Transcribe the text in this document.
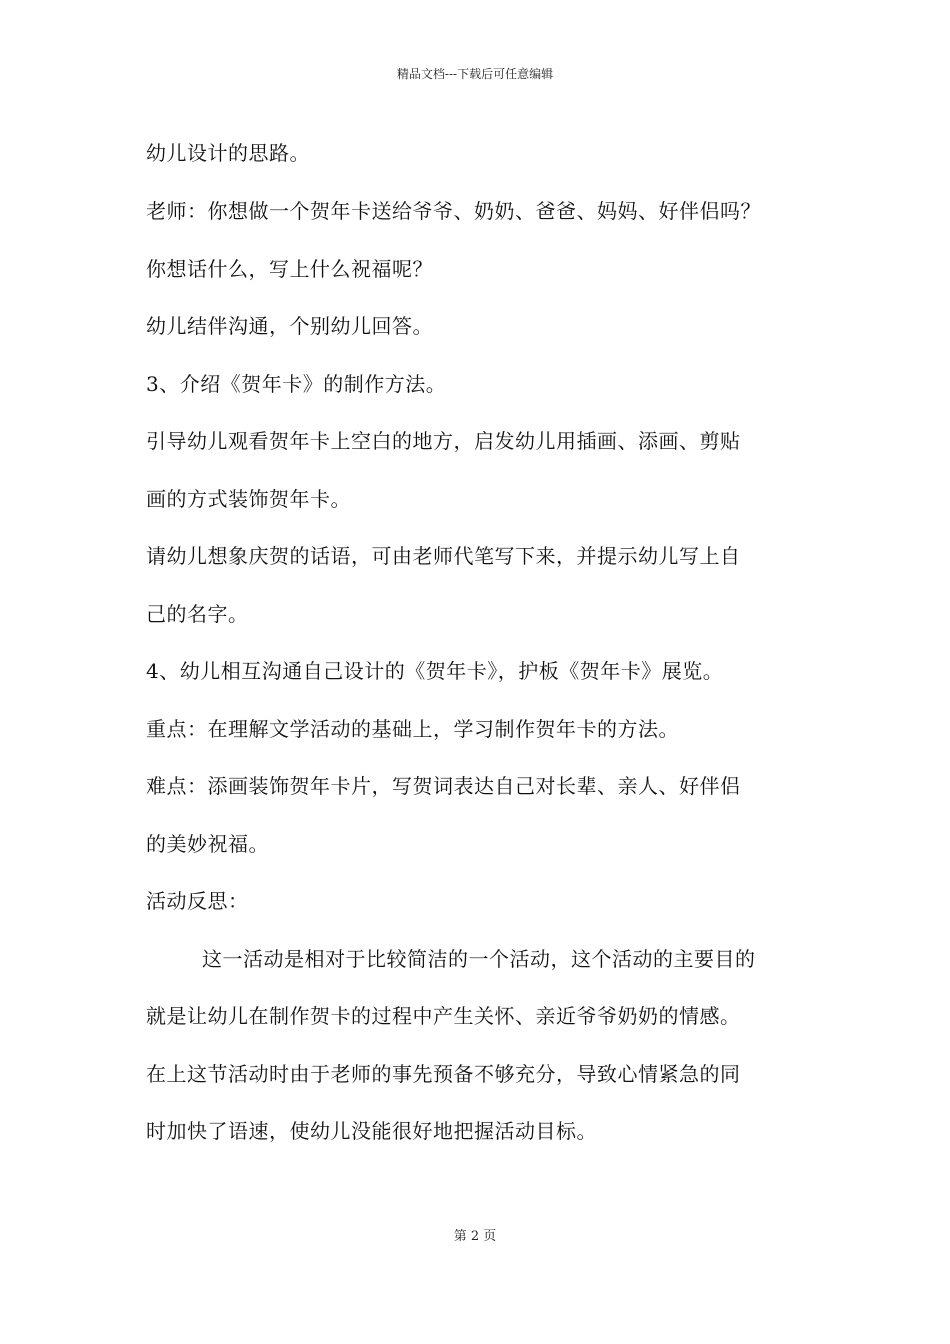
精品文档---下载后可任意编辑
幼儿设计的思路。
老师：你想做一个贺年卡送给爷爷、奶奶、爸爸、妈妈、好伴侣吗？
你想话什么，写上什么祝福呢？
幼儿结伴沟通，个别幼儿回答。
3、介绍《贺年卡》的制作方法。
引导幼儿观看贺年卡上空白的地方，启发幼儿用插画、添画、剪贴
画的方式装饰贺年卡。
请幼儿想象庆贺的话语，可由老师代笔写下来，并提示幼儿写上自
己的名字。
4、幼儿相互沟通自己设计的《贺年卡》，护板《贺年卡》展览。
重点：在理解文学活动的基础上，学习制作贺年卡的方法。
难点：添画装饰贺年卡片，写贺词表达自己对长辈、亲人、好伴侣
的美妙祝福。
活动反思：
这一活动是相对于比较简洁的一个活动，这个活动的主要目的
就是让幼儿在制作贺卡的过程中产生关怀、亲近爷爷奶奶的情感。
在上这节活动时由于老师的事先预备不够充分，导致心情紧急的同
时加快了语速，使幼儿没能很好地把握活动目标。
第 2 页
